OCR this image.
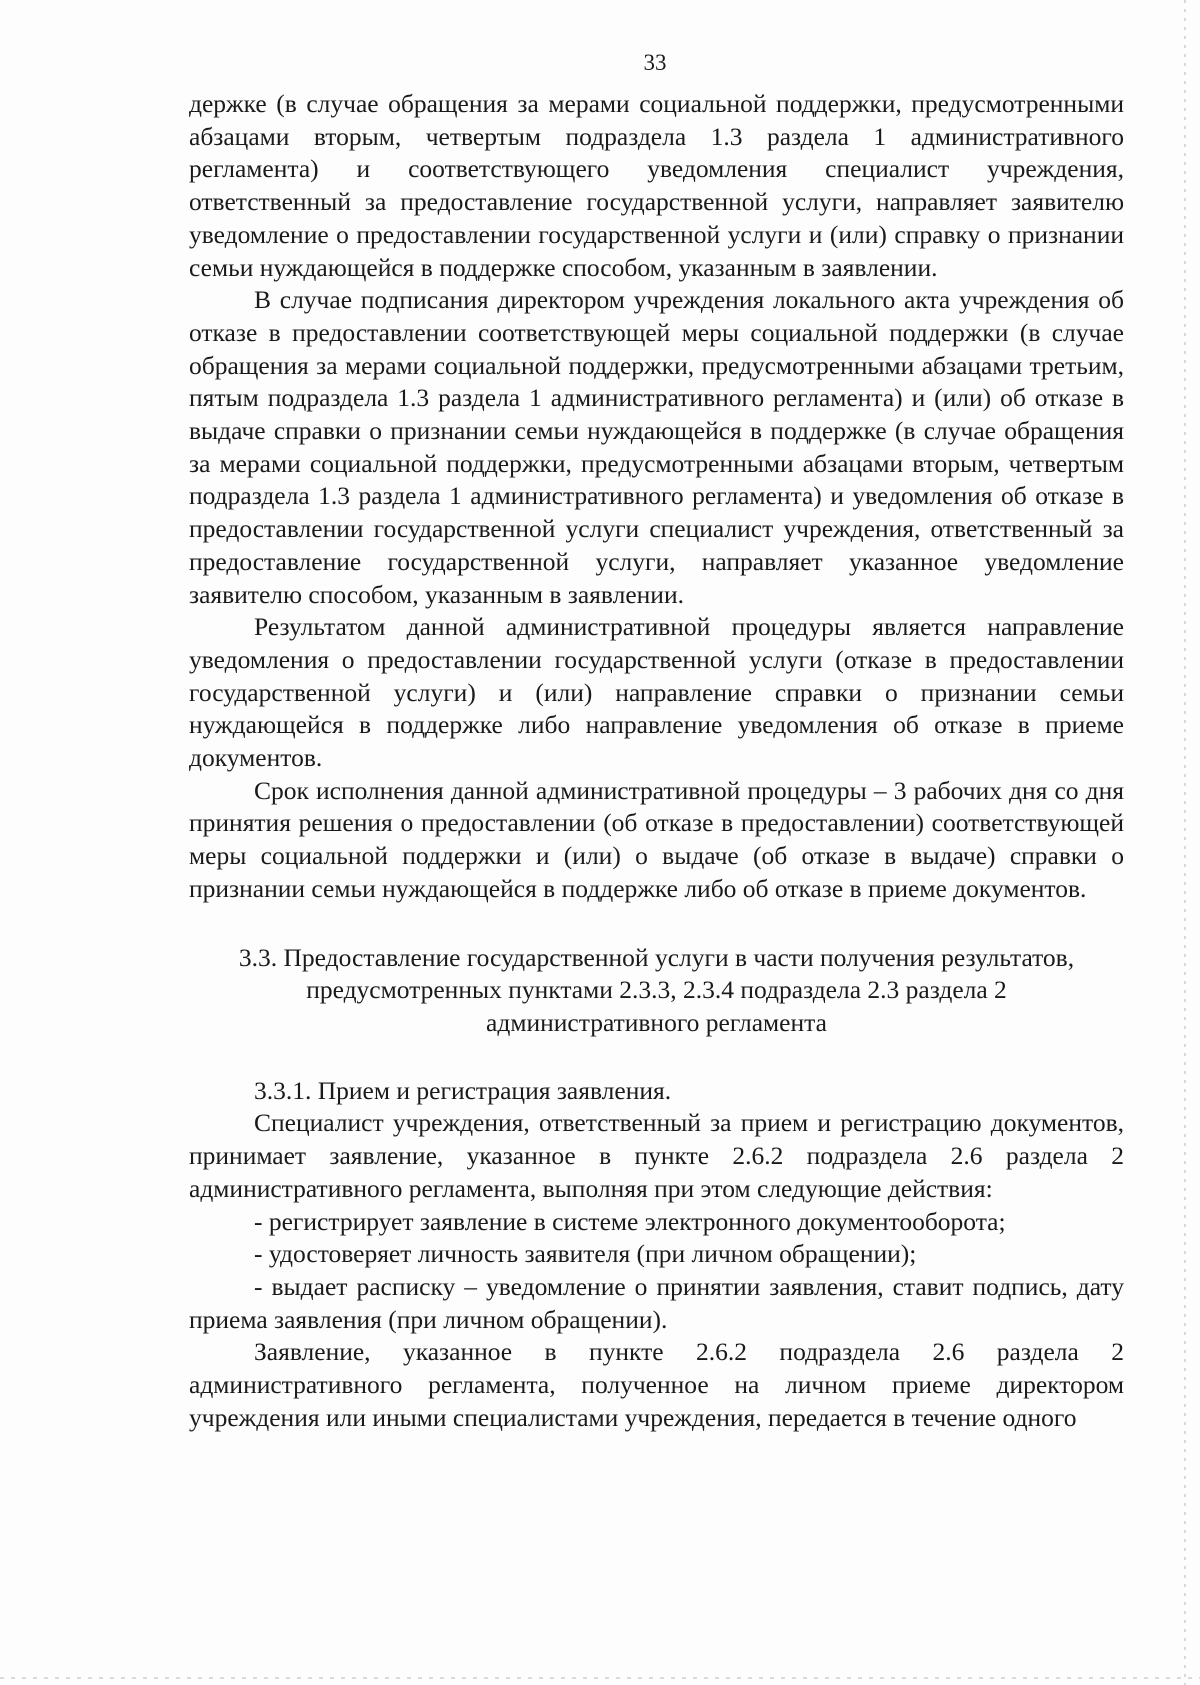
33

держке (в случае обращения за мерами социальной поддержки, предусмотренными абзацами вторым, четвертым подраздела 1.3 раздела 1 административного регламента) и соответствующего уведомления специалист учреждения, ответственный за предоставление государственной услуги, направляет заявителю уведомление о предоставлении государственной услуги и (или) справку о признании семьи нуждающейся в поддержке способом, указанным в заявлении.

В случае подписания директором учреждения локального акта учреждения об отказе в предоставлении соответствующей меры социальной поддержки (в случае обращения за мерами социальной поддержки, предусмотренными абзацами третьим, пятым подраздела 1.3 раздела 1 административного регламента) и (или) об отказе в выдаче справки о признании семьи нуждающейся в поддержке (в случае обращения за мерами социальной поддержки, предусмотренными абзацами вторым, четвертым подраздела 1.3 раздела 1 административного регламента) и уведомления об отказе в предоставлении государственной услуги специалист учреждения, ответственный за предоставление государственной услуги, направляет указанное уведомление заявителю способом, указанным в заявлении.

Результатом данной административной процедуры является направление уведомления о предоставлении государственной услуги (отказе в предоставлении государственной услуги) и (или) направление справки о признании семьи нуждающейся в поддержке либо направление уведомления об отказе в приеме документов.

Срок исполнения данной административной процедуры – 3 рабочих дня со дня принятия решения о предоставлении (об отказе в предоставлении) соответствующей меры социальной поддержки и (или) о выдаче (об отказе в выдаче) справки о признании семьи нуждающейся в поддержке либо об отказе в приеме документов.

3.3. Предоставление государственной услуги в части получения результатов,
предусмотренных пунктами 2.3.3, 2.3.4 подраздела 2.3 раздела 2
административного регламента

3.3.1. Прием и регистрация заявления.

Специалист учреждения, ответственный за прием и регистрацию документов, принимает заявление, указанное в пункте 2.6.2 подраздела 2.6 раздела 2 административного регламента, выполняя при этом следующие действия:

- регистрирует заявление в системе электронного документооборота;

- удостоверяет личность заявителя (при личном обращении);

- выдает расписку – уведомление о принятии заявления, ставит подпись, дату приема заявления (при личном обращении).

Заявление, указанное в пункте 2.6.2 подраздела 2.6 раздела 2 административного регламента, полученное на личном приеме директором учреждения или иными специалистами учреждения, передается в течение одного
